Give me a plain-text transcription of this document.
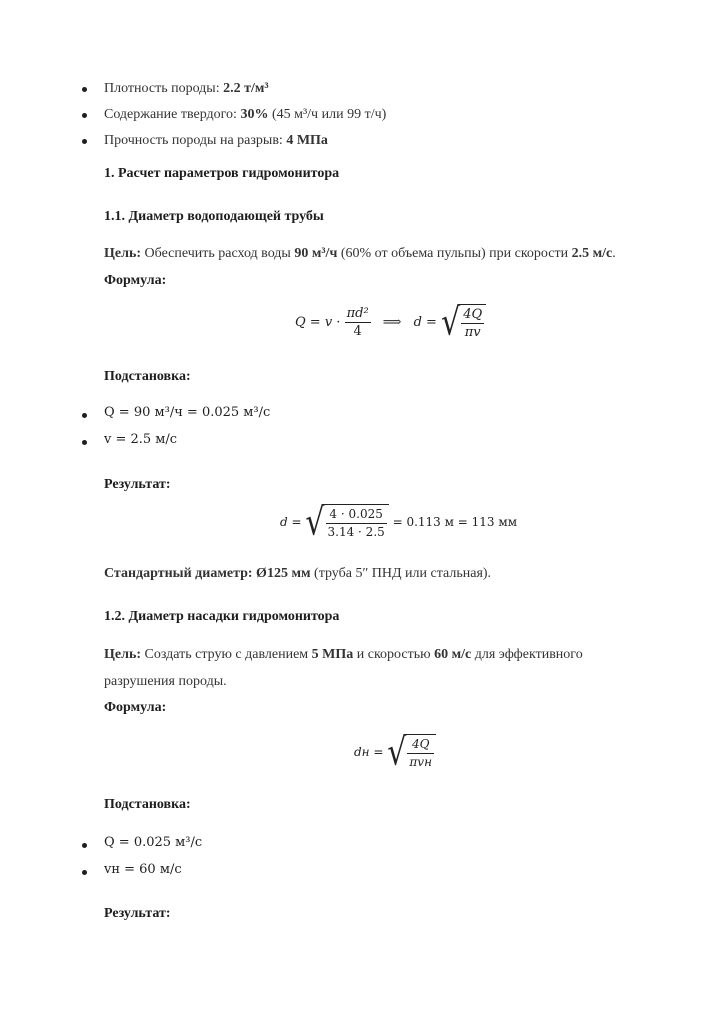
Плотность породы: 2.2 т/м³
Содержание твердого: 30% (45 м³/ч или 99 т/ч)
Прочность породы на разрыв: 4 МПа
1. Расчет параметров гидромонитора
1.1. Диаметр водоподающей трубы
Цель: Обеспечить расход воды 90 м³/ч (60% от объема пульпы) при скорости 2.5 м/с.
Формула:
$Q = v \cdot \frac{\text{πd²}}{4}$ ⟹ d = √ $\frac{4Q}{\pi v}$
Подстановка:
Q = 90 м³/ч = 0.025 м³/с
v = 2.5 м/с
Результат:
d = √ $\frac{4 \cdot 0.025}{3.14 \cdot 2.5} = 0.113$ м = 113 мм
Стандартный диаметр: Ø125 мм (труба 5″ ПНД или стальная).
1.2. Диаметр насадки гидромонитора
Цель: Создать струю с давлением 5 МПа и скоростью 60 м/с для эффективного
разрушения породы.
Формула:
dн = √ $\frac{4Q}{\text{πvн}}$
Подстановка:
Q = 0.025 м³/с
vн = 60 м/с
Результат:
